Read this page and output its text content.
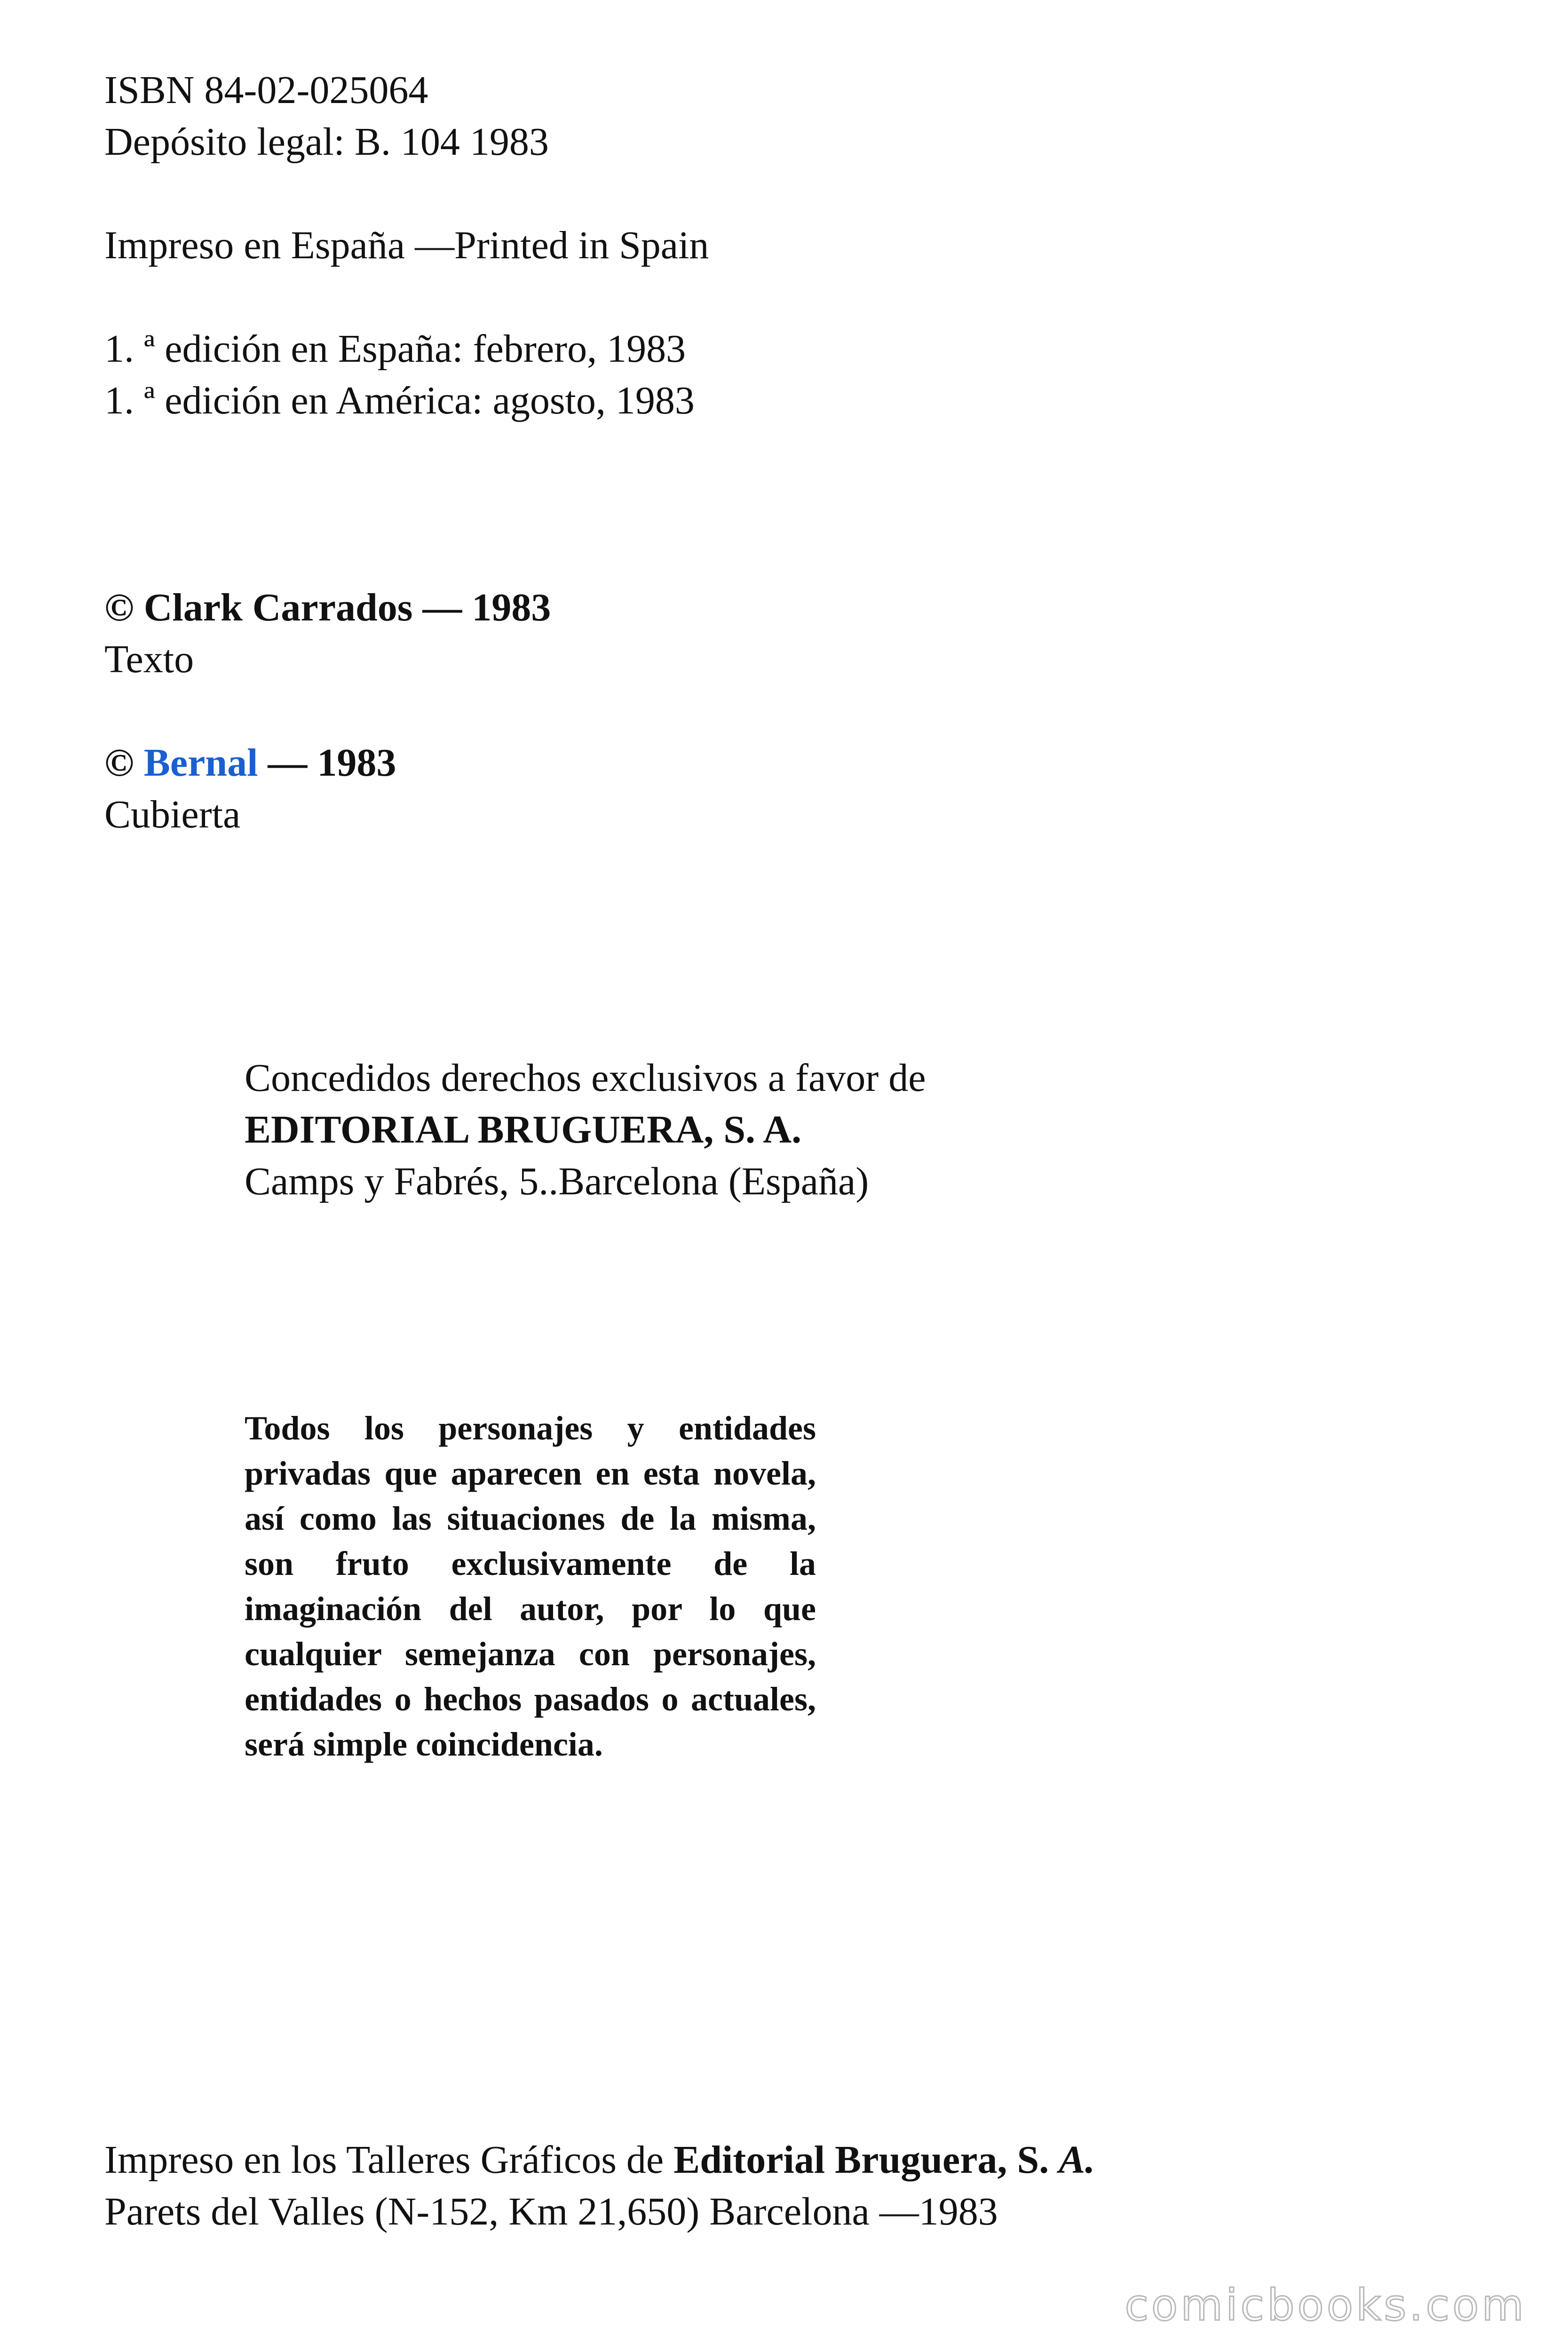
ISBN 84-02-025064
Depósito legal: B. 104 1983
Impreso en España —Printed in Spain
1. ª edición en España: febrero, 1983
1. ª edición en América: agosto, 1983
© Clark Carrados — 1983
Texto
© Bernal — 1983
Cubierta
Concedidos derechos exclusivos a favor de
EDITORIAL BRUGUERA, S. A.
Camps y Fabrés, 5..Barcelona (España)

Todos los personajes y entidades privadas que aparecen en esta novela, así como las situaciones de la misma, son fruto exclusivamente de la imaginación del autor, por lo que cualquier semejanza con personajes, entidades o hechos pasados o actuales, será simple coincidencia.

Impreso en los Talleres Gráficos de Editorial Bruguera, S. A.
Parets del Valles (N-152, Km 21,650) Barcelona —1983
comicbooks.com
